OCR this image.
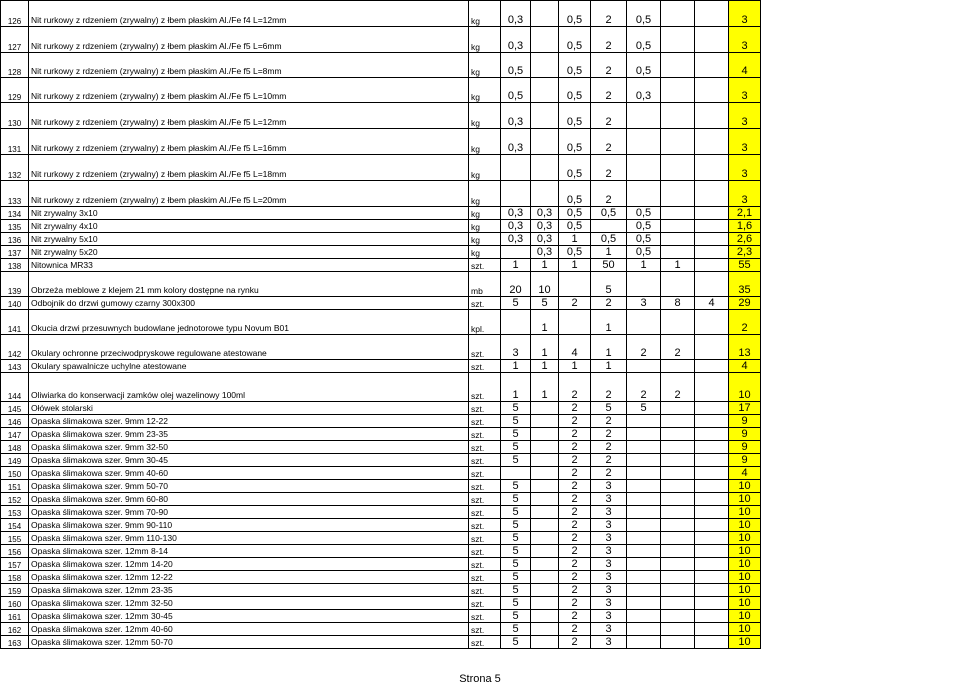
126	Nit rurkowy z rdzeniem (zrywalny) z łbem płaskim Al./Fe f4 L=12mm	kg	0,3		0,5	2	0,5			3
127	Nit rurkowy z rdzeniem (zrywalny) z łbem płaskim Al./Fe f5 L=6mm	kg	0,3		0,5	2	0,5			3
128	Nit rurkowy z rdzeniem (zrywalny) z łbem płaskim Al./Fe f5 L=8mm	kg	0,5		0,5	2	0,5			4
129	Nit rurkowy z rdzeniem (zrywalny) z łbem płaskim Al./Fe f5 L=10mm	kg	0,5		0,5	2	0,3			3
130	Nit rurkowy z rdzeniem (zrywalny) z łbem płaskim Al./Fe f5 L=12mm	kg	0,3		0,5	2				3
131	Nit rurkowy z rdzeniem (zrywalny) z łbem płaskim Al./Fe f5 L=16mm	kg	0,3		0,5	2				3
132	Nit rurkowy z rdzeniem (zrywalny) z łbem płaskim Al./Fe f5 L=18mm	kg			0,5	2				3
133	Nit rurkowy z rdzeniem (zrywalny) z łbem płaskim Al./Fe f5 L=20mm	kg			0,5	2				3
134	Nit zrywalny 3x10	kg	0,3	0,3	0,5	0,5	0,5			2,1
135	Nit zrywalny 4x10	kg	0,3	0,3	0,5		0,5			1,6
136	Nit zrywalny 5x10	kg	0,3	0,3	1	0,5	0,5			2,6
137	Nit zrywalny 5x20	kg		0,3	0,5	1	0,5			2,3
138	Nitownica MR33	szt.	1	1	1	50	1	1		55
139	Obrzeża meblowe z klejem 21 mm kolory dostępne na rynku	mb	20	10		5				35
140	Odbojnik do drzwi gumowy czarny 300x300	szt.	5	5	2	2	3	8	4	29
141	Okucia drzwi przesuwnych budowlane jednotorowe typu Novum B01	kpl.		1		1				2
142	Okulary ochronne przeciwodpryskowe regulowane atestowane	szt.	3	1	4	1	2	2		13
143	Okulary spawalnicze uchylne atestowane	szt.	1	1	1	1				4
144	Oliwiarka do konserwacji zamków olej wazelinowy 100ml	szt.	1	1	2	2	2	2		10
145	Ołówek stolarski	szt.	5		2	5	5			17
146	Opaska ślimakowa szer. 9mm 12-22	szt.	5		2	2				9
147	Opaska ślimakowa szer. 9mm 23-35	szt.	5		2	2				9
148	Opaska ślimakowa szer. 9mm 32-50	szt.	5		2	2				9
149	Opaska ślimakowa szer. 9mm 30-45	szt.	5		2	2				9
150	Opaska ślimakowa szer. 9mm 40-60	szt.			2	2				4
151	Opaska ślimakowa szer. 9mm 50-70	szt.	5		2	3				10
152	Opaska ślimakowa szer. 9mm 60-80	szt.	5		2	3				10
153	Opaska ślimakowa szer. 9mm 70-90	szt.	5		2	3				10
154	Opaska ślimakowa szer. 9mm 90-110	szt.	5		2	3				10
155	Opaska ślimakowa szer. 9mm 110-130	szt.	5		2	3				10
156	Opaska ślimakowa szer. 12mm 8-14	szt.	5		2	3				10
157	Opaska ślimakowa szer. 12mm 14-20	szt.	5		2	3				10
158	Opaska ślimakowa szer. 12mm 12-22	szt.	5		2	3				10
159	Opaska ślimakowa szer. 12mm 23-35	szt.	5		2	3				10
160	Opaska ślimakowa szer. 12mm 32-50	szt.	5		2	3				10
161	Opaska ślimakowa szer. 12mm 30-45	szt.	5		2	3				10
162	Opaska ślimakowa szer. 12mm 40-60	szt.	5		2	3				10
163	Opaska ślimakowa szer. 12mm 50-70	szt.	5		2	3				10
Strona 5
